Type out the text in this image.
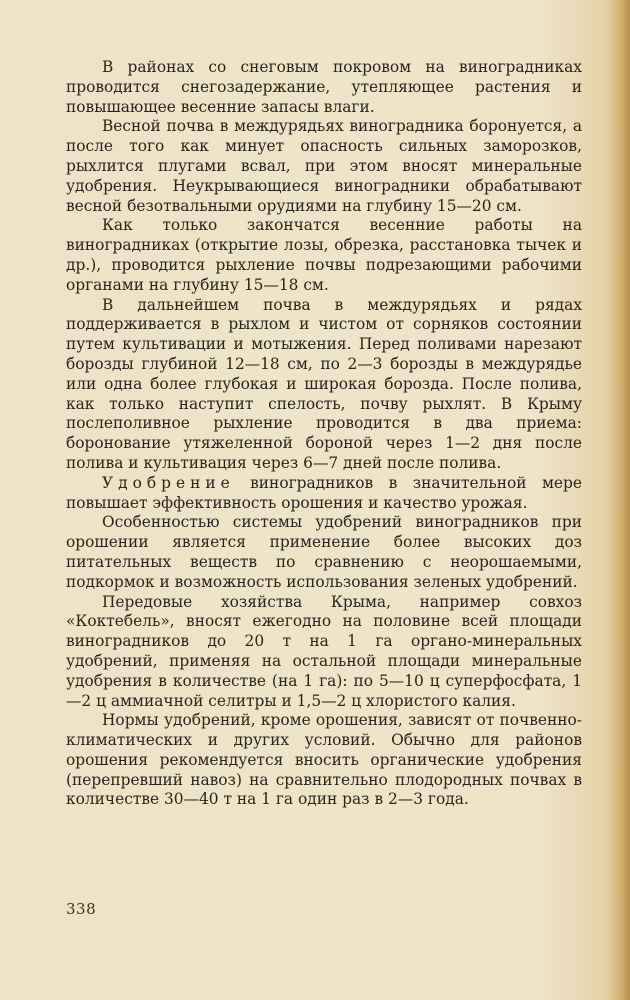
В районах со снеговым покровом на виноградниках проводится снегозадержание, утепляющее растения и повышающее весенние запасы влаги.

Весной почва в междурядьях виноградника боронуется, а после того как минует опасность сильных заморозков, рыхлится плугами всвал, при этом вносят минеральные удобрения. Неукрывающиеся виноградники обрабатывают весной безотвальными орудиями на глубину 15—20 см.

Как только закончатся весенние работы на виноградниках (открытие лозы, обрезка, расстановка тычек и др.), проводится рыхление почвы подрезающими рабочими органами на глубину 15—18 см.

В дальнейшем почва в междурядьях и рядах поддерживается в рыхлом и чистом от сорняков состоянии путем культивации и мотыжения. Перед поливами нарезают борозды глубиной 12—18 см, по 2—3 борозды в междурядье или одна более глубокая и широкая борозда. После полива, как только наступит спелость, почву рыхлят. В Крыму послеполивное рыхление проводится в два приема: боронование утяжеленной бороной через 1—2 дня после полива и культивация через 6—7 дней после полива.

Удобрение виноградников в значительной мере повышает эффективность орошения и качество урожая.

Особенностью системы удобрений виноградников при орошении является применение более высоких доз питательных веществ по сравнению с неорошаемыми, подкормок и возможность использования зеленых удобрений.

Передовые хозяйства Крыма, например совхоз «Коктебель», вносят ежегодно на половине всей площади виноградников до 20 т на 1 га органо-минеральных удобрений, применяя на остальной площади минеральные удобрения в количестве (на 1 га): по 5—10 ц суперфосфата, 1—2 ц аммиачной селитры и 1,5—2 ц хлористого калия.

Нормы удобрений, кроме орошения, зависят от почвенно-климатических и других условий. Обычно для районов орошения рекомендуется вносить органические удобрения (перепревший навоз) на сравнительно плодородных почвах в количестве 30—40 т на 1 га один раз в 2—3 года.

338
